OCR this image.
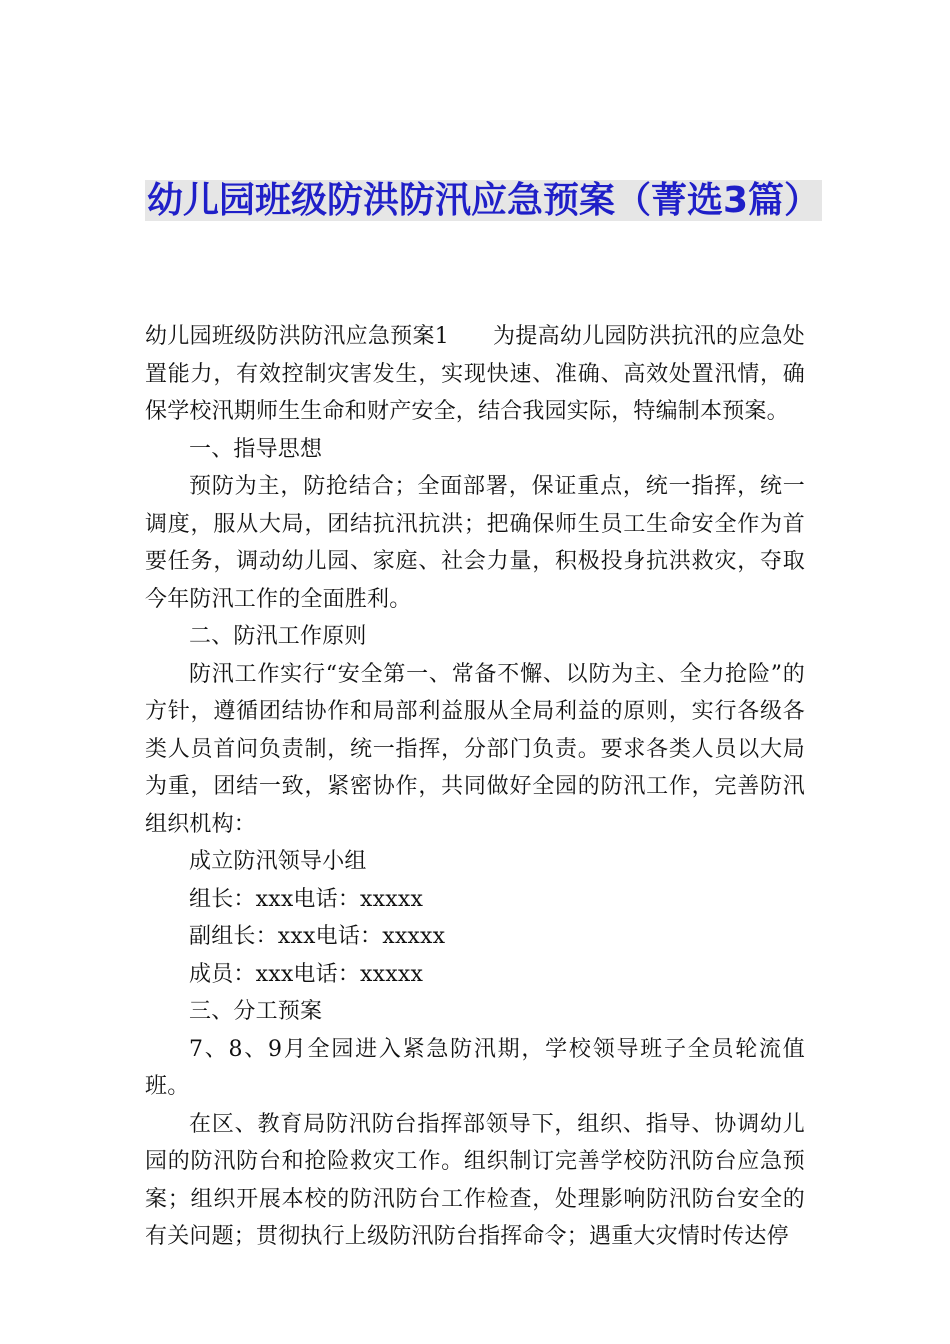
幼儿园班级防洪防汛应急预案（菁选3篇）

幼儿园班级防洪防汛应急预案1 为提高幼儿园防洪抗汛的应急处置能力，有效控制灾害发生，实现快速、准确、高效处置汛情，确保学校汛期师生生命和财产安全，结合我园实际，特编制本预案。

一、指导思想

预防为主，防抢结合；全面部署，保证重点，统一指挥，统一调度，服从大局，团结抗汛抗洪；把确保师生员工生命安全作为首要任务，调动幼儿园、家庭、社会力量，积极投身抗洪救灾，夺取今年防汛工作的全面胜利。

二、防汛工作原则

防汛工作实行“安全第一、常备不懈、以防为主、全力抢险”的方针，遵循团结协作和局部利益服从全局利益的原则，实行各级各类人员首问负责制，统一指挥，分部门负责。要求各类人员以大局为重，团结一致，紧密协作，共同做好全园的防汛工作，完善防汛组织机构：

成立防汛领导小组

组长：xxx电话：xxxxx

副组长：xxx电话：xxxxx

成员：xxx电话：xxxxx

三、分工预案

7、8、9月全园进入紧急防汛期，学校领导班子全员轮流值班。

在区、教育局防汛防台指挥部领导下，组织、指导、协调幼儿园的防汛防台和抢险救灾工作。组织制订完善学校防汛防台应急预案；组织开展本校的防汛防台工作检查，处理影响防汛防台安全的有关问题；贯彻执行上级防汛防台指挥命令；遇重大灾情时传达停
